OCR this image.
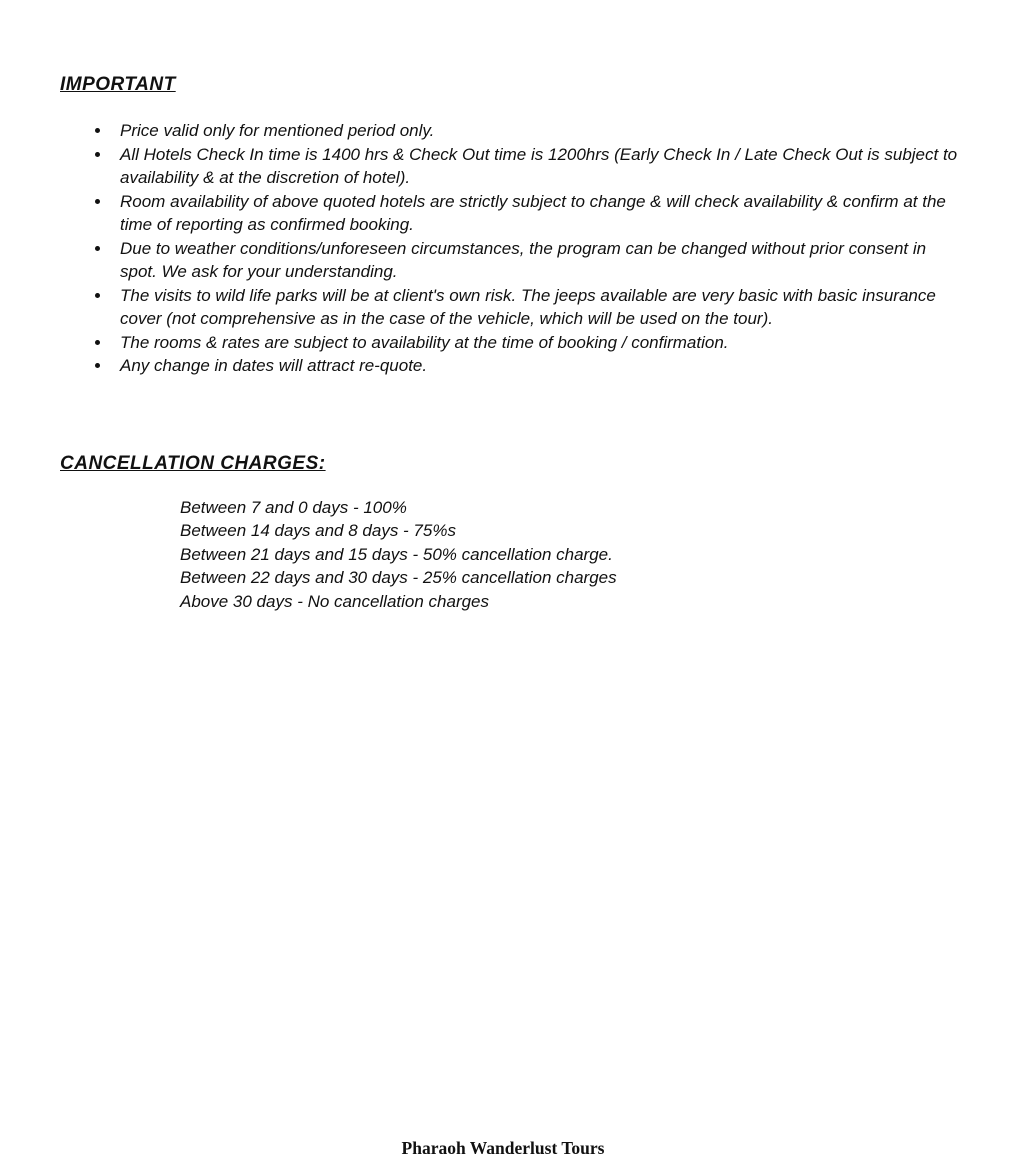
IMPORTANT
• Price valid only for mentioned period only.
• All Hotels Check In time is 1400 hrs & Check Out time is 1200hrs (Early Check In / Late Check Out is subject to availability & at the discretion of hotel).
• Room availability of above quoted hotels are strictly subject to change & will check availability & confirm at the time of reporting as confirmed booking.
• Due to weather conditions/unforeseen circumstances, the program can be changed without prior consent in spot. We ask for your understanding.
• The visits to wild life parks will be at client's own risk. The jeeps available are very basic with basic insurance cover (not comprehensive as in the case of the vehicle, which will be used on the tour).
• The rooms & rates are subject to availability at the time of booking / confirmation.
• Any change in dates will attract re-quote.
CANCELLATION CHARGES:
Between 7 and 0 days - 100%
Between 14 days and 8 days - 75%s
Between 21 days and 15 days - 50% cancellation charge.
Between 22 days and 30 days - 25% cancellation charges
Above 30 days - No cancellation charges
Pharaoh Wanderlust Tours
